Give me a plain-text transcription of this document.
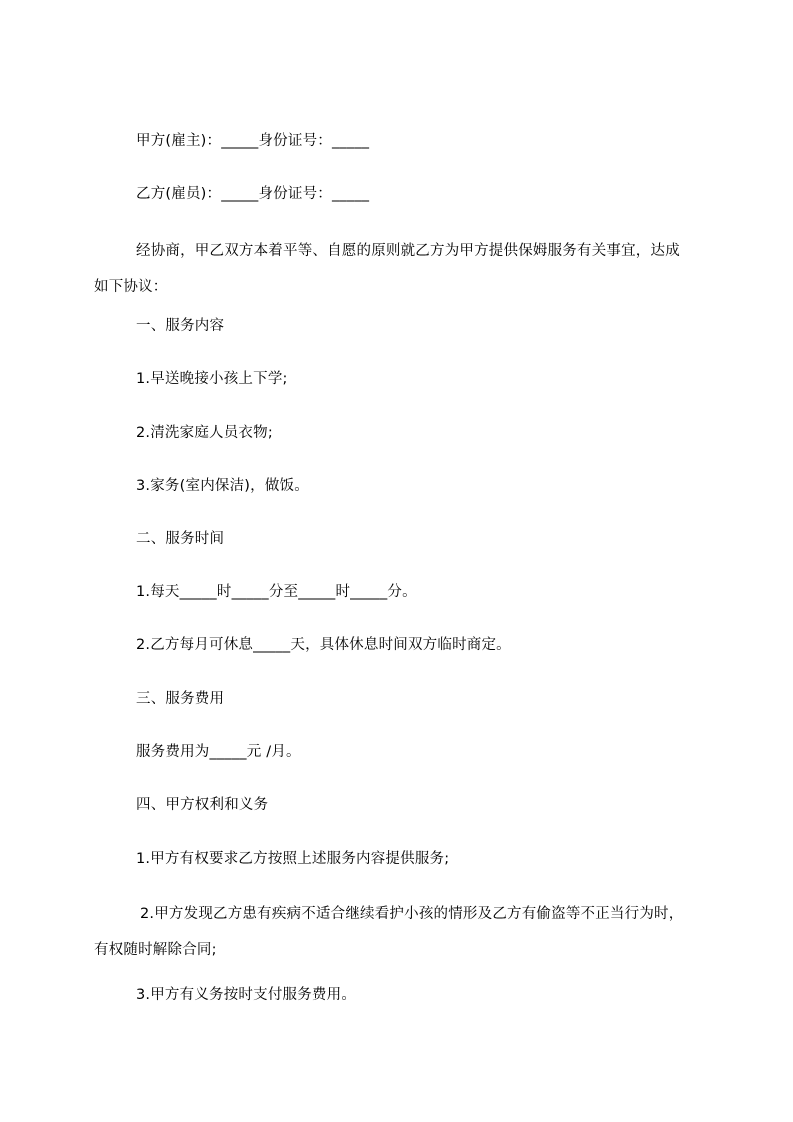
甲方(雇主)：_____身份证号：_____
乙方(雇员)：_____身份证号：_____
经协商，甲乙双方本着平等、自愿的原则就乙方为甲方提供保姆服务有关事宜，达成如下协议：
一、服务内容
1.早送晚接小孩上下学;
2.清洗家庭人员衣物;
3.家务(室内保洁)，做饭。
二、服务时间
1.每天_____时_____分至_____时_____分。
2.乙方每月可休息_____天，具体休息时间双方临时商定。
三、服务费用
服务费用为_____元 /月。
四、甲方权利和义务
1.甲方有权要求乙方按照上述服务内容提供服务;
2.甲方发现乙方患有疾病不适合继续看护小孩的情形及乙方有偷盗等不正当行为时，有权随时解除合同;
3.甲方有义务按时支付服务费用。
